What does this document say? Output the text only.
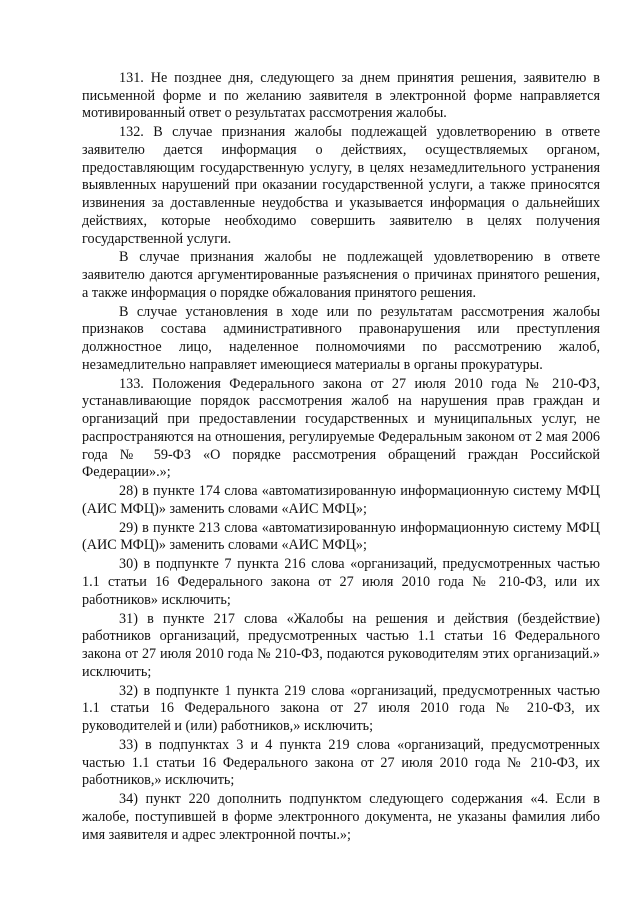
131. Не позднее дня, следующего за днем принятия решения, заявителю в письменной форме и по желанию заявителя в электронной форме направляется мотивированный ответ о результатах рассмотрения жалобы.

132. В случае признания жалобы подлежащей удовлетворению в ответе заявителю дается информация о действиях, осуществляемых органом, предоставляющим государственную услугу, в целях незамедлительного устранения выявленных нарушений при оказании государственной услуги, а также приносятся извинения за доставленные неудобства и указывается информация о дальнейших действиях, которые необходимо совершить заявителю в целях получения государственной услуги.

В случае признания жалобы не подлежащей удовлетворению в ответе заявителю даются аргументированные разъяснения о причинах принятого решения, а также информация о порядке обжалования принятого решения.

В случае установления в ходе или по результатам рассмотрения жалобы признаков состава административного правонарушения или преступления должностное лицо, наделенное полномочиями по рассмотрению жалоб, незамедлительно направляет имеющиеся материалы в органы прокуратуры.

133. Положения Федерального закона от 27 июля 2010 года № 210-ФЗ, устанавливающие порядок рассмотрения жалоб на нарушения прав граждан и организаций при предоставлении государственных и муниципальных услуг, не распространяются на отношения, регулируемые Федеральным законом от 2 мая 2006 года № 59-ФЗ «О порядке рассмотрения обращений граждан Российской Федерации».»;

28) в пункте 174 слова «автоматизированную информационную систему МФЦ (АИС МФЦ)» заменить словами «АИС МФЦ»;

29) в пункте 213 слова «автоматизированную информационную систему МФЦ (АИС МФЦ)» заменить словами «АИС МФЦ»;

30) в подпункте 7 пункта 216 слова «организаций, предусмотренных частью 1.1 статьи 16 Федерального закона от 27 июля 2010 года № 210-ФЗ, или их работников» исключить;

31) в пункте 217 слова «Жалобы на решения и действия (бездействие) работников организаций, предусмотренных частью 1.1 статьи 16 Федерального закона от 27 июля 2010 года № 210-ФЗ, подаются руководителям этих организаций.» исключить;

32) в подпункте 1 пункта 219 слова «организаций, предусмотренных частью 1.1 статьи 16 Федерального закона от 27 июля 2010 года № 210-ФЗ, их руководителей и (или) работников,» исключить;

33) в подпунктах 3 и 4 пункта 219 слова «организаций, предусмотренных частью 1.1 статьи 16 Федерального закона от 27 июля 2010 года № 210-ФЗ, их работников,» исключить;

34) пункт 220 дополнить подпунктом следующего содержания «4. Если в жалобе, поступившей в форме электронного документа, не указаны фамилия либо имя заявителя и адрес электронной почты.»;
